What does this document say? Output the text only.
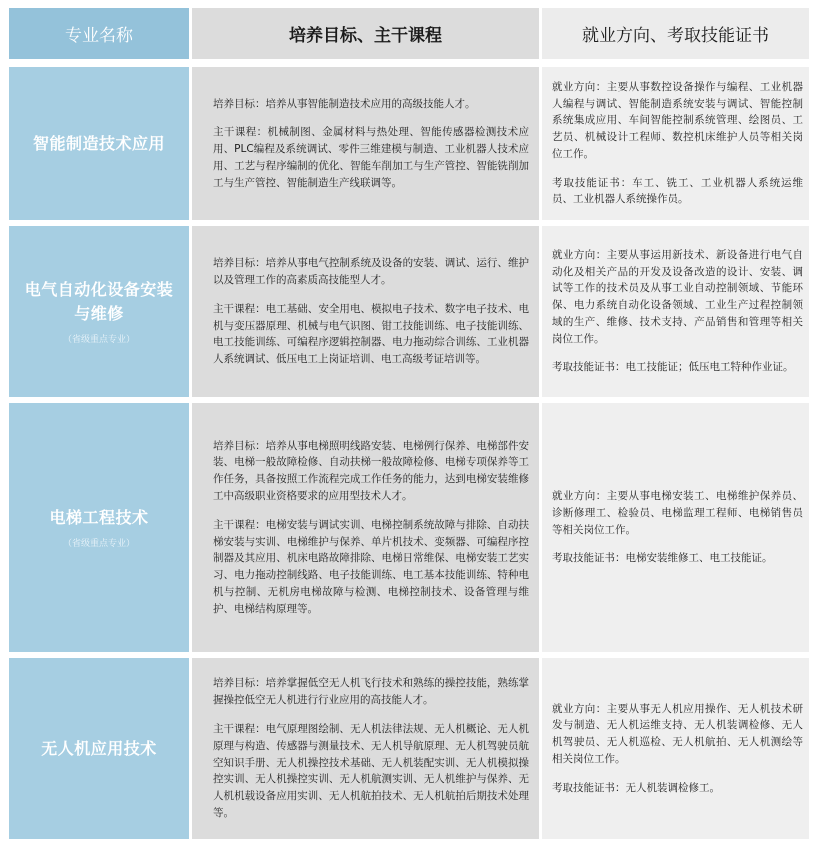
专业名称	培养目标、主干课程	就业方向、考取技能证书
智能制造技术应用

培养目标：培养从事智能制造技术应用的高级技能人才。

主干课程：机械制图、金属材料与热处理、智能传感器检测技术应用、PLC编程及系统调试、零件三维建模与制造、工业机器人技术应用、工艺与程序编制的优化、智能车削加工与生产管控、智能铣削加工与生产管控、智能制造生产线联调等。

就业方向：主要从事数控设备操作与编程、工业机器人编程与调试、智能制造系统安装与调试、智能控制系统集成应用、车间智能控制系统管理、绘图员、工艺员、机械设计工程师、数控机床维护人员等相关岗位工作。

考取技能证书：车工、铣工、工业机器人系统运维员、工业机器人系统操作员。

电气自动化设备安装与维修
（省级重点专业）

培养目标：培养从事电气控制系统及设备的安装、调试、运行、维护以及管理工作的高素质高技能型人才。

主干课程：电工基础、安全用电、模拟电子技术、数字电子技术、电机与变压器原理、机械与电气识图、钳工技能训练、电子技能训练、电工技能训练、可编程序逻辑控制器、电力拖动综合训练、工业机器人系统调试、低压电工上岗证培训、电工高级考证培训等。

就业方向：主要从事运用新技术、新设备进行电气自动化及相关产品的开发及设备改造的设计、安装、调试等工作的技术员及从事工业自动控制领域、节能环保、电力系统自动化设备领域、工业生产过程控制领域的生产、维修、技术支持、产品销售和管理等相关岗位工作。

考取技能证书：电工技能证；低压电工特种作业证。

电梯工程技术
（省级重点专业）

培养目标：培养从事电梯照明线路安装、电梯例行保养、电梯部件安装、电梯一般故障检修、自动扶梯一般故障检修、电梯专项保养等工作任务，具备按照工作流程完成工作任务的能力，达到电梯安装维修工中高级职业资格要求的应用型技术人才。

主干课程：电梯安装与调试实训、电梯控制系统故障与排除、自动扶梯安装与实训、电梯维护与保养、单片机技术、变频器、可编程序控制器及其应用、机床电路故障排除、电梯日常维保、电梯安装工艺实习、电力拖动控制线路、电子技能训练、电工基本技能训练、特种电机与控制、无机房电梯故障与检测、电梯控制技术、设备管理与维护、电梯结构原理等。

就业方向：主要从事电梯安装工、电梯维护保养员、诊断修理工、检验员、电梯监理工程师、电梯销售员等相关岗位工作。

考取技能证书：电梯安装维修工、电工技能证。

无人机应用技术

培养目标：培养掌握低空无人机飞行技术和熟练的操控技能，熟练掌握操控低空无人机进行行业应用的高技能人才。

主干课程：电气原理图绘制、无人机法律法规、无人机概论、无人机原理与构造、传感器与测量技术、无人机导航原理、无人机驾驶员航空知识手册、无人机操控技术基础、无人机装配实训、无人机模拟操控实训、无人机操控实训、无人机航测实训、无人机维护与保养、无人机机载设备应用实训、无人机航拍技术、无人机航拍后期技术处理等。

就业方向：主要从事无人机应用操作、无人机技术研发与制造、无人机运维支持、无人机装调检修、无人机驾驶员、无人机巡检、无人机航拍、无人机测绘等相关岗位工作。

考取技能证书：无人机装调检修工。
